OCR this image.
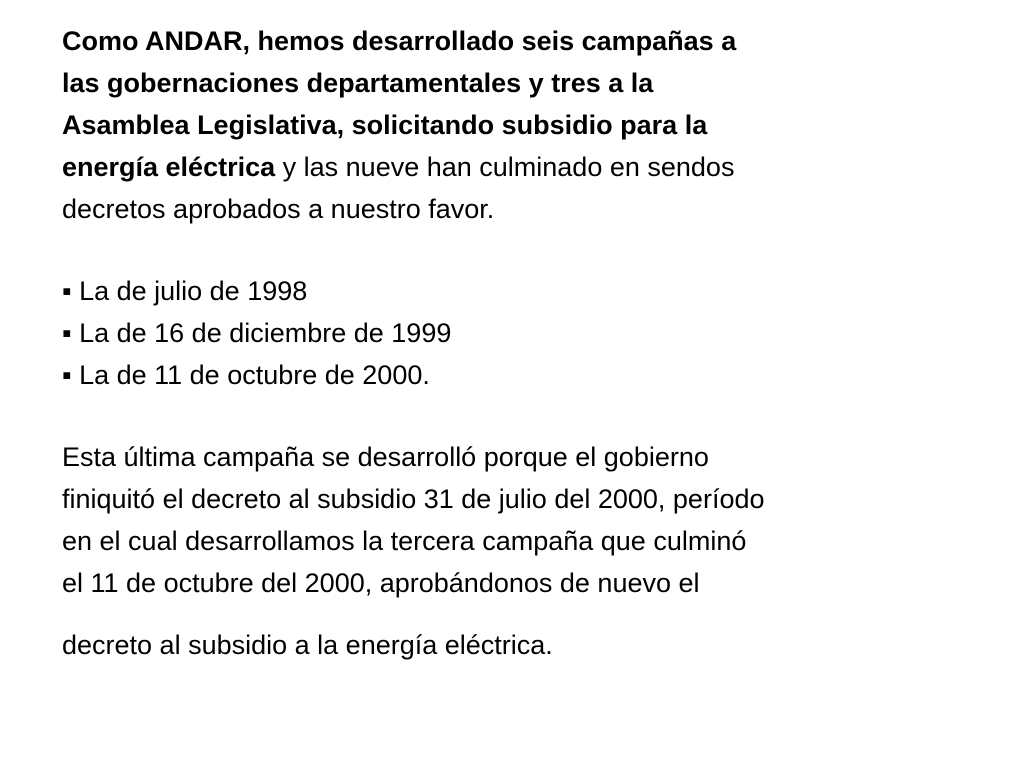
Como ANDAR, hemos desarrollado seis campañas a
las gobernaciones departamentales y tres a la
Asamblea Legislativa, solicitando subsidio para la
energía eléctrica y las nueve han culminado en sendos
decretos aprobados a nuestro favor.
▪ La de julio de 1998
▪ La de 16 de diciembre de 1999
▪ La de 11 de octubre de 2000.
Esta última campaña se desarrolló porque el gobierno
finiquitó el decreto al subsidio 31 de julio del 2000, período
en el cual desarrollamos la tercera campaña que culminó
el 11 de octubre del 2000, aprobándonos de nuevo el
decreto al subsidio a la energía eléctrica.
